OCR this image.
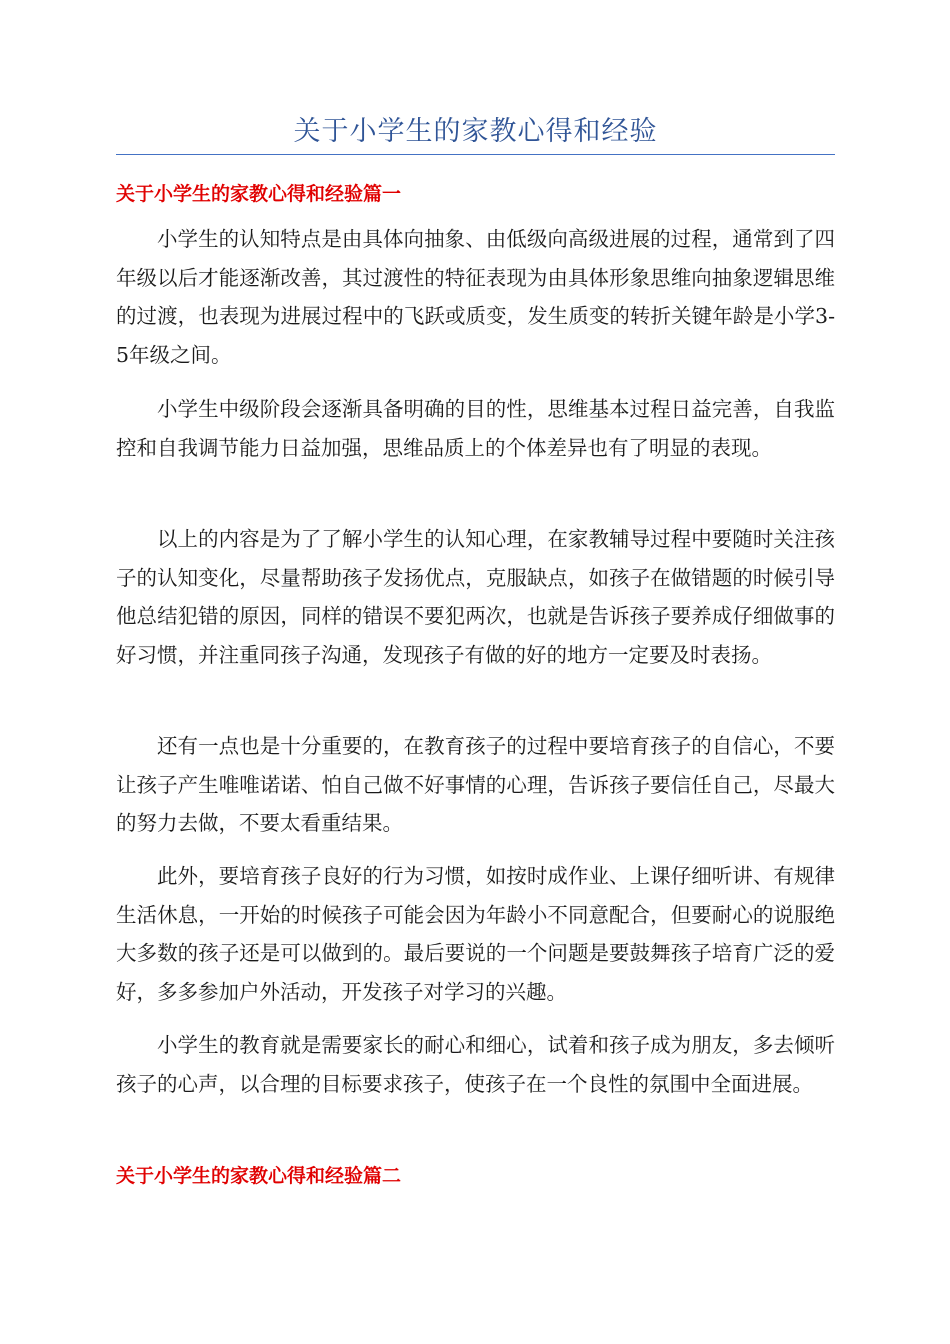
关于小学生的家教心得和经验
关于小学生的家教心得和经验篇一

小学生的认知特点是由具体向抽象、由低级向高级进展的过程，通常到了四年级以后才能逐渐改善，其过渡性的特征表现为由具体形象思维向抽象逻辑思维的过渡，也表现为进展过程中的飞跃或质变，发生质变的转折关键年龄是小学3-5年级之间。

小学生中级阶段会逐渐具备明确的目的性，思维基本过程日益完善，自我监控和自我调节能力日益加强，思维品质上的个体差异也有了明显的表现。

以上的内容是为了了解小学生的认知心理，在家教辅导过程中要随时关注孩子的认知变化，尽量帮助孩子发扬优点，克服缺点，如孩子在做错题的时候引导他总结犯错的原因，同样的错误不要犯两次，也就是告诉孩子要养成仔细做事的好习惯，并注重同孩子沟通，发现孩子有做的好的地方一定要及时表扬。

还有一点也是十分重要的，在教育孩子的过程中要培育孩子的自信心，不要让孩子产生唯唯诺诺、怕自己做不好事情的心理，告诉孩子要信任自己，尽最大的努力去做，不要太看重结果。

此外，要培育孩子良好的行为习惯，如按时成作业、上课仔细听讲、有规律生活休息，一开始的时候孩子可能会因为年龄小不同意配合，但要耐心的说服绝大多数的孩子还是可以做到的。最后要说的一个问题是要鼓舞孩子培育广泛的爱好，多多参加户外活动，开发孩子对学习的兴趣。

小学生的教育就是需要家长的耐心和细心，试着和孩子成为朋友，多去倾听孩子的心声，以合理的目标要求孩子，使孩子在一个良性的氛围中全面进展。

关于小学生的家教心得和经验篇二
